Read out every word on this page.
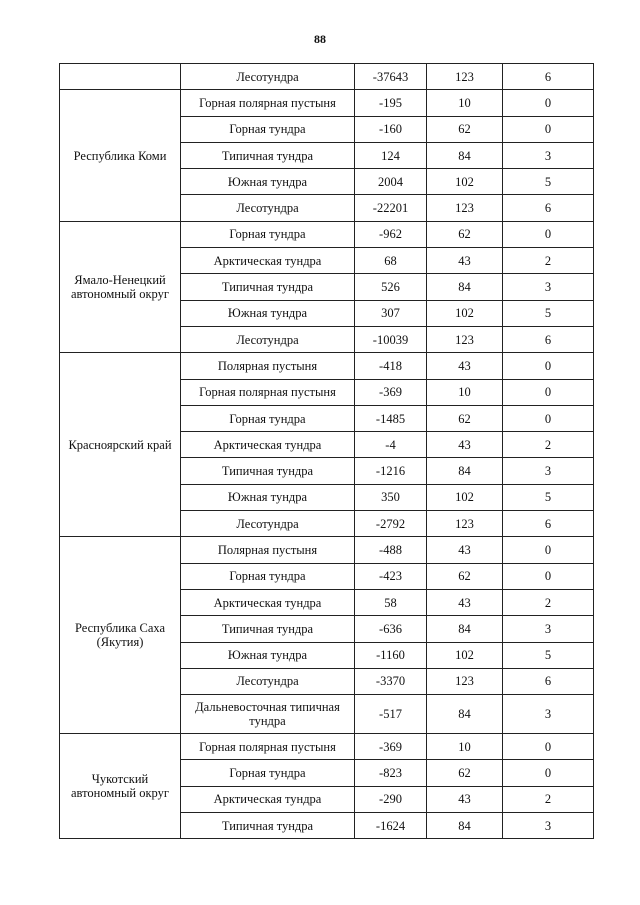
88
	Лесотундра	-37643	123	6
Республика Коми	Горная полярная пустыня	-195	10	0
	Горная тундра	-160	62	0
	Типичная тундра	124	84	3
	Южная тундра	2004	102	5
	Лесотундра	-22201	123	6
Ямало-Ненецкий автономный округ	Горная тундра	-962	62	0
	Арктическая тундра	68	43	2
	Типичная тундра	526	84	3
	Южная тундра	307	102	5
	Лесотундра	-10039	123	6
Красноярский край	Полярная пустыня	-418	43	0
	Горная полярная пустыня	-369	10	0
	Горная тундра	-1485	62	0
	Арктическая тундра	-4	43	2
	Типичная тундра	-1216	84	3
	Южная тундра	350	102	5
	Лесотундра	-2792	123	6
Республика Саха (Якутия)	Полярная пустыня	-488	43	0
	Горная тундра	-423	62	0
	Арктическая тундра	58	43	2
	Типичная тундра	-636	84	3
	Южная тундра	-1160	102	5
	Лесотундра	-3370	123	6
	Дальневосточная типичная тундра	-517	84	3
Чукотский автономный округ	Горная полярная пустыня	-369	10	0
	Горная тундра	-823	62	0
	Арктическая тундра	-290	43	2
	Типичная тундра	-1624	84	3
